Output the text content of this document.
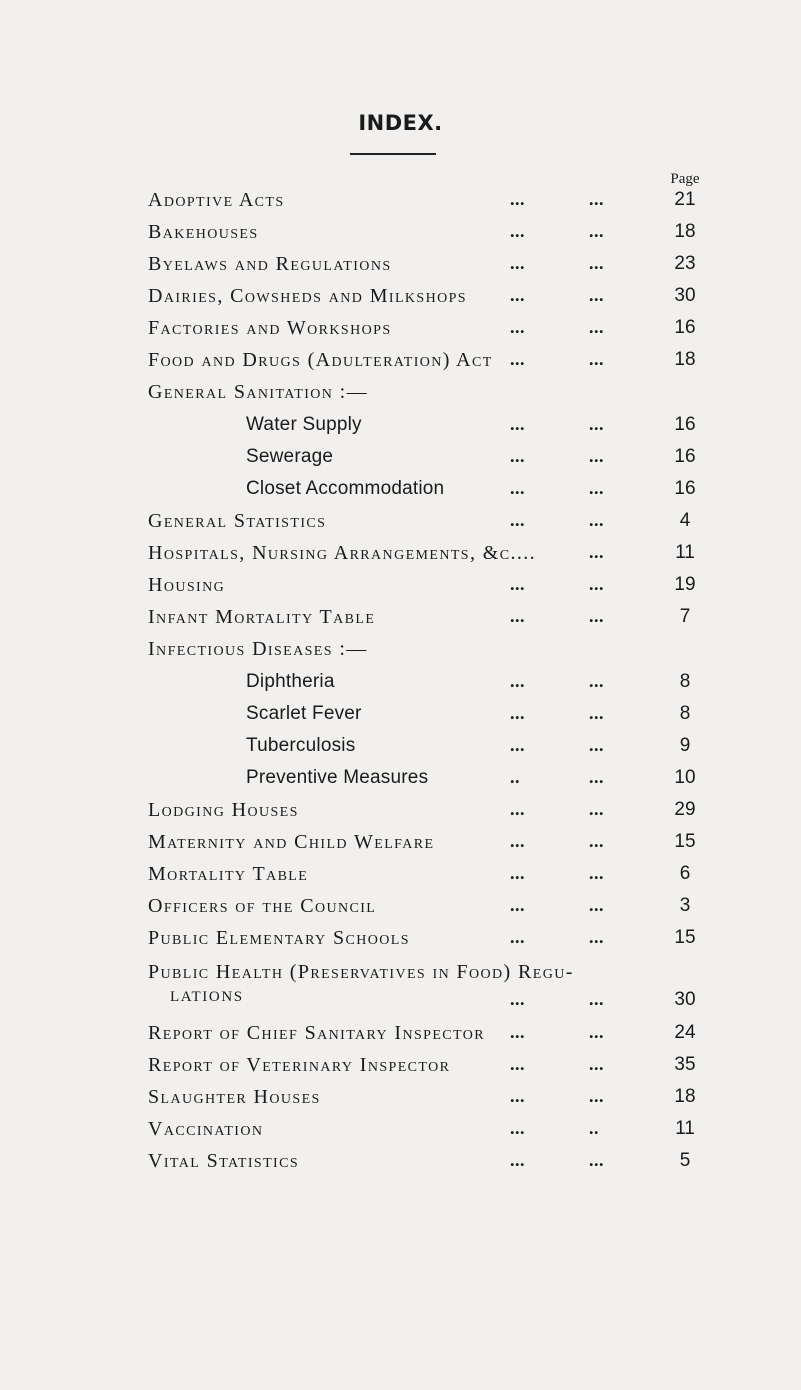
INDEX.
Page
Adoptive Acts	...	...	21
Bakehouses	...	...	18
Byelaws and Regulations	...	...	23
Dairies, Cowsheds and Milkshops ...	...	30
Factories and Workshops	...	...	16
Food and Drugs (Adulteration) Act ...	...	18
General Sanitation :—
Water Supply	...	...	16
Sewerage	...	...	16
Closet Accommodation	...	...	16
General Statistics	...	...	4
Hospitals, Nursing Arrangements, &c....	...	11
Housing	...	...	19
Infant Mortality Table	...	...	7
Infectious Diseases :—
Diphtheria	...	...	8
Scarlet Fever	...	...	8
Tuberculosis	...	...	9
Preventive Measures	..	...	10
Lodging Houses	...	...	29
Maternity and Child Welfare	...	...	15
Mortality Table	...	...	6
Officers of the Council	...	...	3
Public Elementary Schools	...	...	15
Public Health (Preservatives in Food) Regu-
LATIONS	...	...	30
Report of Chief Sanitary Inspector ...	...	24
Report of Veterinary Inspector	...	...	35
Slaughter Houses	...	...	18
Vaccination	...	..	11
Vital Statistics	...	...	5
